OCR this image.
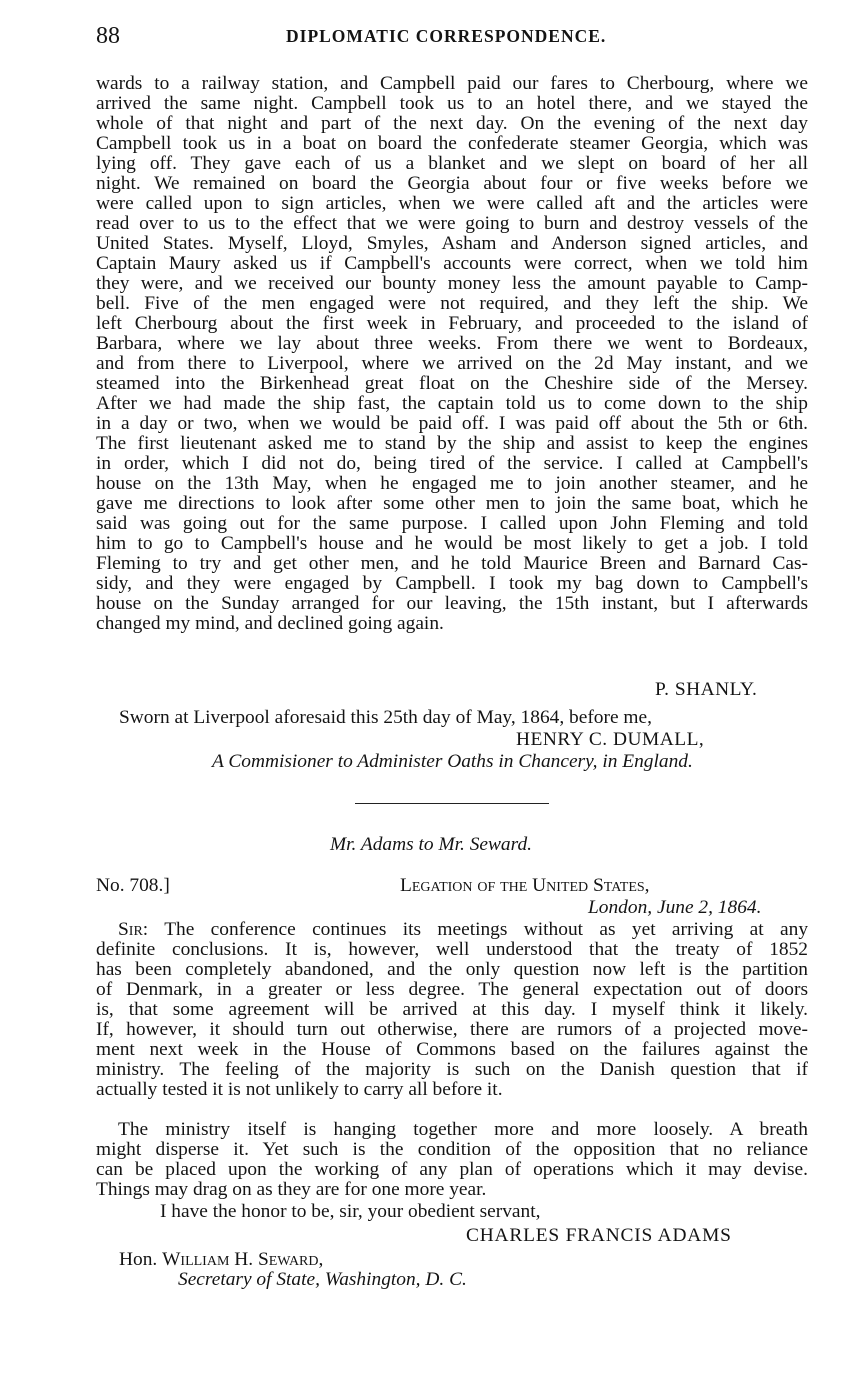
88	DIPLOMATIC CORRESPONDENCE.
wards to a railway station, and Campbell paid our fares to Cherbourg, where we
arrived the same night. Campbell took us to an hotel there, and we stayed the
whole of that night and part of the next day. On the evening of the next day
Campbell took us in a boat on board the confederate steamer Georgia, which was
lying off. They gave each of us a blanket and we slept on board of her all
night. We remained on board the Georgia about four or five weeks before we
were called upon to sign articles, when we were called aft and the articles were
read over to us to the effect that we were going to burn and destroy vessels of the
United States. Myself, Lloyd, Smyles, Asham and Anderson signed articles, and
Captain Maury asked us if Campbell's accounts were correct, when we told him
they were, and we received our bounty money less the amount payable to Camp-
bell. Five of the men engaged were not required, and they left the ship. We
left Cherbourg about the first week in February, and proceeded to the island of
Barbara, where we lay about three weeks. From there we went to Bordeaux,
and from there to Liverpool, where we arrived on the 2d May instant, and we
steamed into the Birkenhead great float on the Cheshire side of the Mersey.
After we had made the ship fast, the captain told us to come down to the ship
in a day or two, when we would be paid off. I was paid off about the 5th or 6th.
The first lieutenant asked me to stand by the ship and assist to keep the engines
in order, which I did not do, being tired of the service. I called at Campbell's
house on the 13th May, when he engaged me to join another steamer, and he
gave me directions to look after some other men to join the same boat, which he
said was going out for the same purpose. I called upon John Fleming and told
him to go to Campbell's house and he would be most likely to get a job. I told
Fleming to try and get other men, and he told Maurice Breen and Barnard Cas-
sidy, and they were engaged by Campbell. I took my bag down to Campbell's
house on the Sunday arranged for our leaving, the 15th instant, but I afterwards
changed my mind, and declined going again.
P. SHANLY.
Sworn at Liverpool aforesaid this 25th day of May, 1864, before me,
HENRY C. DUMALL,
A Commisioner to Administer Oaths in Chancery, in England.
Mr. Adams to Mr. Seward.
No. 708.]	Legation of the United States,
London, June 2, 1864.
Sir: The conference continues its meetings without as yet arriving at any
definite conclusions. It is, however, well understood that the treaty of 1852
has been completely abandoned, and the only question now left is the partition
of Denmark, in a greater or less degree. The general expectation out of doors
is, that some agreement will be arrived at this day. I myself think it likely.
If, however, it should turn out otherwise, there are rumors of a projected move-
ment next week in the House of Commons based on the failures against the
ministry. The feeling of the majority is such on the Danish question that if
actually tested it is not unlikely to carry all before it.
The ministry itself is hanging together more and more loosely. A breath
might disperse it. Yet such is the condition of the opposition that no reliance
can be placed upon the working of any plan of operations which it may devise.
Things may drag on as they are for one more year.
I have the honor to be, sir, your obedient servant,
CHARLES FRANCIS ADAMS
Hon. William H. Seward,
Secretary of State, Washington, D. C.
